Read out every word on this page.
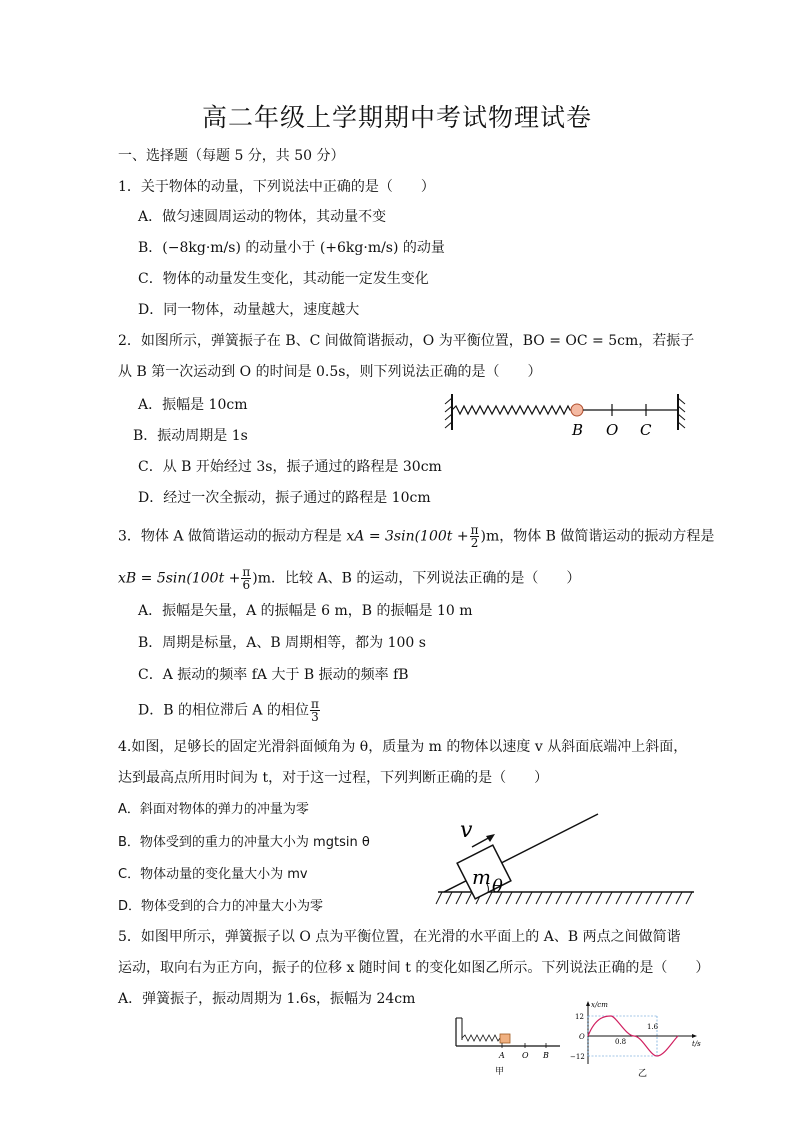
高二年级上学期期中考试物理试卷
一、选择题（每题 5 分，共 50 分）
1．关于物体的动量，下列说法中正确的是（　　）
A．做匀速圆周运动的物体，其动量不变
B．(−8kg·m/s) 的动量小于 (+6kg·m/s) 的动量
C．物体的动量发生变化，其动能一定发生变化
D．同一物体，动量越大，速度越大
2．如图所示，弹簧振子在 B、C 间做简谐振动，O 为平衡位置，BO = OC = 5cm，若振子
从 B 第一次运动到 O 的时间是 0.5s，则下列说法正确的是（　　）
A．振幅是 10cm
B．振动周期是 1s
C．从 B 开始经过 3s，振子通过的路程是 30cm
D．经过一次全振动，振子通过的路程是 10cm
B O C
3．物体 A 做简谐运动的振动方程是 xA = $3\sin(100t + \frac{\pi}{2} )m$，物体 B 做简谐运动的振动方程是
xB = $5\sin(100t + \frac{\pi}{6} )m$．比较 A、B 的运动，下列说法正确的是（　　）
A．振幅是矢量，A 的振幅是 6 m，B 的振幅是 10 m
B．周期是标量，A、B 周期相等，都为 100 s
C．A 振动的频率 fA 大于 B 振动的频率 fB
D．B 的相位滞后 A 的相位 $\frac{\pi}{3}$
4.如图，足够长的固定光滑斜面倾角为 θ，质量为 m 的物体以速度 v 从斜面底端冲上斜面，
达到最高点所用时间为 t，对于这一过程，下列判断正确的是（　　）
A．斜面对物体的弹力的冲量为零
B．物体受到的重力的冲量大小为 mgtsin θ
C．物体动量的变化量大小为 mv
D．物体受到的合力的冲量大小为零
m θ
v
5．如图甲所示，弹簧振子以 O 点为平衡位置，在光滑的水平面上的 A、B 两点之间做简谐
运动，取向右为正方向，振子的位移 x 随时间 t 的变化如图乙所示。下列说法正确的是（　　）
A．弹簧振子，振动周期为 1.6s，振幅为 24cm
A O B
甲
x/cm
t/s
O
12
−12
0.8
1.6
乙
